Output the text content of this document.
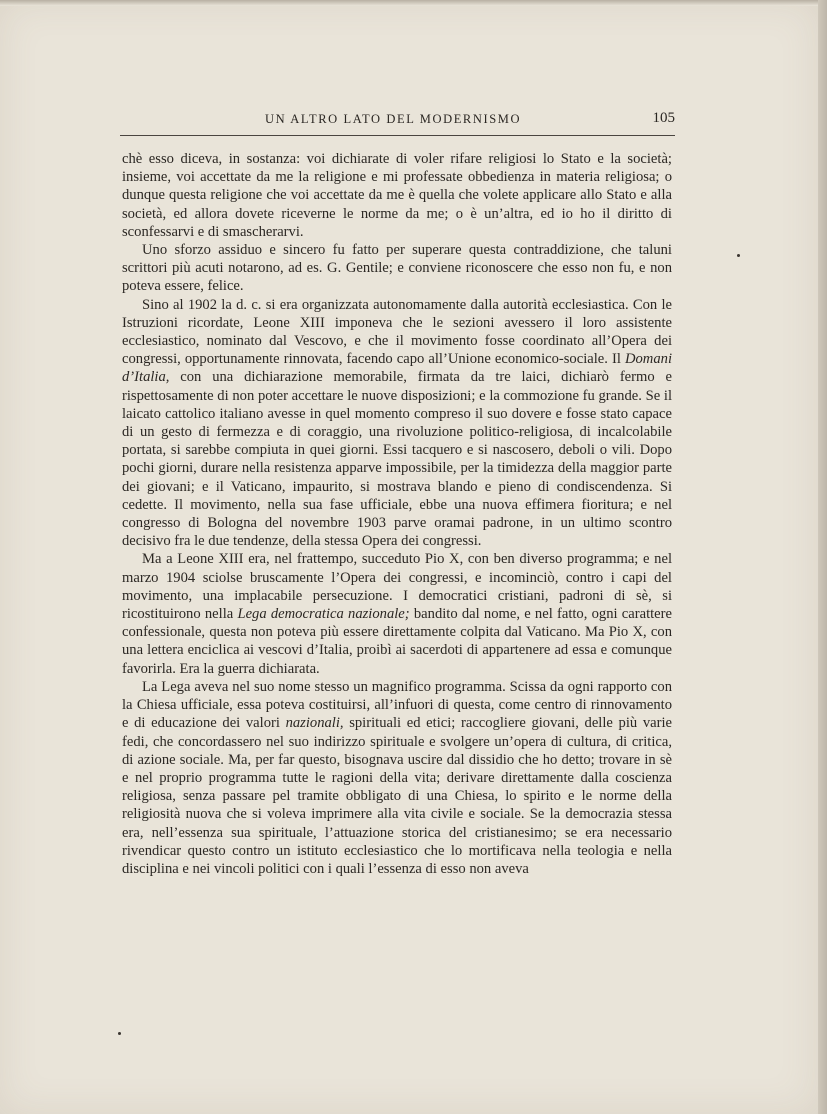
UN ALTRO LATO DEL MODERNISMO	105

chè esso diceva, in sostanza: voi dichiarate di voler rifare religiosi lo Stato e la società; insieme, voi accettate da me la religione e mi professate obbedienza in materia religiosa; o dunque questa religione che voi accettate da me è quella che volete applicare allo Stato e alla società, ed allora dovete riceverne le norme da me; o è un’altra, ed io ho il diritto di sconfessarvi e di smascherarvi.

Uno sforzo assiduo e sincero fu fatto per superare questa contraddizione, che taluni scrittori più acuti notarono, ad es. G. Gentile; e conviene riconoscere che esso non fu, e non poteva essere, felice.

Sino al 1902 la d. c. si era organizzata autonomamente dalla autorità ecclesiastica. Con le Istruzioni ricordate, Leone XIII imponeva che le sezioni avessero il loro assistente ecclesiastico, nominato dal Vescovo, e che il movimento fosse coordinato all’Opera dei congressi, opportunamente rinnovata, facendo capo all’Unione economico-sociale. Il Domani d’Italia, con una dichiarazione memorabile, firmata da tre laici, dichiarò fermo e rispettosamente di non poter accettare le nuove disposizioni; e la commozione fu grande. Se il laicato cattolico italiano avesse in quel momento compreso il suo dovere e fosse stato capace di un gesto di fermezza e di coraggio, una rivoluzione politico-religiosa, di incalcolabile portata, si sarebbe compiuta in quei giorni. Essi tacquero e si nascosero, deboli o vili. Dopo pochi giorni, durare nella resistenza apparve impossibile, per la timidezza della maggior parte dei giovani; e il Vaticano, impaurito, si mostrava blando e pieno di condiscendenza. Si cedette. Il movimento, nella sua fase ufficiale, ebbe una nuova effimera fioritura; e nel congresso di Bologna del novembre 1903 parve oramai padrone, in un ultimo scontro decisivo fra le due tendenze, della stessa Opera dei congressi.

Ma a Leone XIII era, nel frattempo, succeduto Pio X, con ben diverso programma; e nel marzo 1904 sciolse bruscamente l’Opera dei congressi, e incominciò, contro i capi del movimento, una implacabile persecuzione. I democratici cristiani, padroni di sè, si ricostituirono nella Lega democratica nazionale; bandito dal nome, e nel fatto, ogni carattere confessionale, questa non poteva più essere direttamente colpita dal Vaticano. Ma Pio X, con una lettera enciclica ai vescovi d’Italia, proibì ai sacerdoti di appartenere ad essa e comunque favorirla. Era la guerra dichiarata.

La Lega aveva nel suo nome stesso un magnifico programma. Scissa da ogni rapporto con la Chiesa ufficiale, essa poteva costituirsi, all’infuori di questa, come centro di rinnovamento e di educazione dei valori nazionali, spirituali ed etici; raccogliere giovani, delle più varie fedi, che concordassero nel suo indirizzo spirituale e svolgere un’opera di cultura, di critica, di azione sociale. Ma, per far questo, bisognava uscire dal dissidio che ho detto; trovare in sè e nel proprio programma tutte le ragioni della vita; derivare direttamente dalla coscienza religiosa, senza passare pel tramite obbligato di una Chiesa, lo spirito e le norme della religiosità nuova che si voleva imprimere alla vita civile e sociale. Se la democrazia stessa era, nell’essenza sua spirituale, l’attuazione storica del cristianesimo; se era necessario rivendicar questo contro un istituto ecclesiastico che lo mortificava nella teologia e nella disciplina e nei vincoli politici con i quali l’essenza di esso non aveva
